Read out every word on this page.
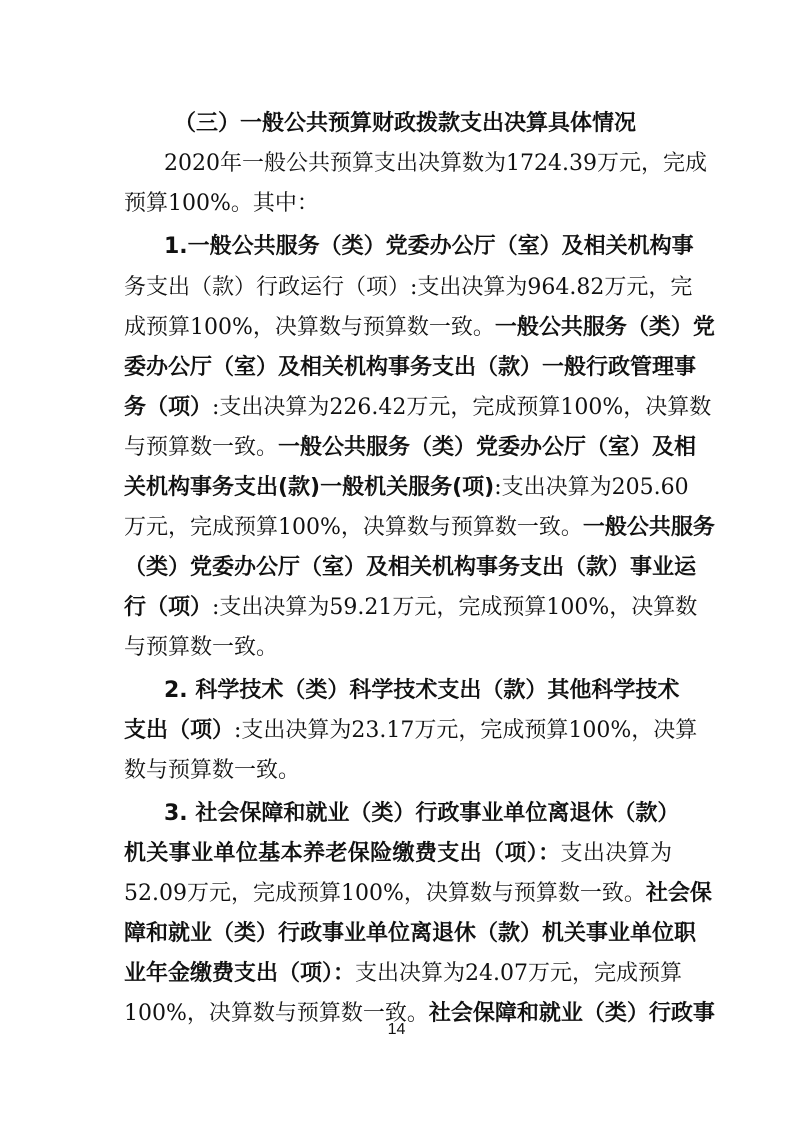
（三）一般公共预算财政拨款支出决算具体情况
2020年一般公共预算支出决算数为1724.39万元，完成
预算100%。其中：
1.一般公共服务（类）党委办公厅（室）及相关机构事
务支出（款）行政运行（项）:支出决算为964.82万元，完
成预算100%，决算数与预算数一致。一般公共服务（类）党
委办公厅（室）及相关机构事务支出（款）一般行政管理事
务（项）:支出决算为226.42万元，完成预算100%，决算数
与预算数一致。一般公共服务（类）党委办公厅（室）及相
关机构事务支出(款)一般机关服务(项):支出决算为205.60
万元，完成预算100%，决算数与预算数一致。一般公共服务
（类）党委办公厅（室）及相关机构事务支出（款）事业运
行（项）:支出决算为59.21万元，完成预算100%，决算数
与预算数一致。
2. 科学技术（类）科学技术支出（款）其他科学技术
支出（项）:支出决算为23.17万元，完成预算100%，决算
数与预算数一致。
3. 社会保障和就业（类）行政事业单位离退休（款）
机关事业单位基本养老保险缴费支出（项）：支出决算为
52.09万元，完成预算100%，决算数与预算数一致。社会保
障和就业（类）行政事业单位离退休（款）机关事业单位职
业年金缴费支出（项）：支出决算为24.07万元，完成预算
100%，决算数与预算数一致。社会保障和就业（类）行政事
14
